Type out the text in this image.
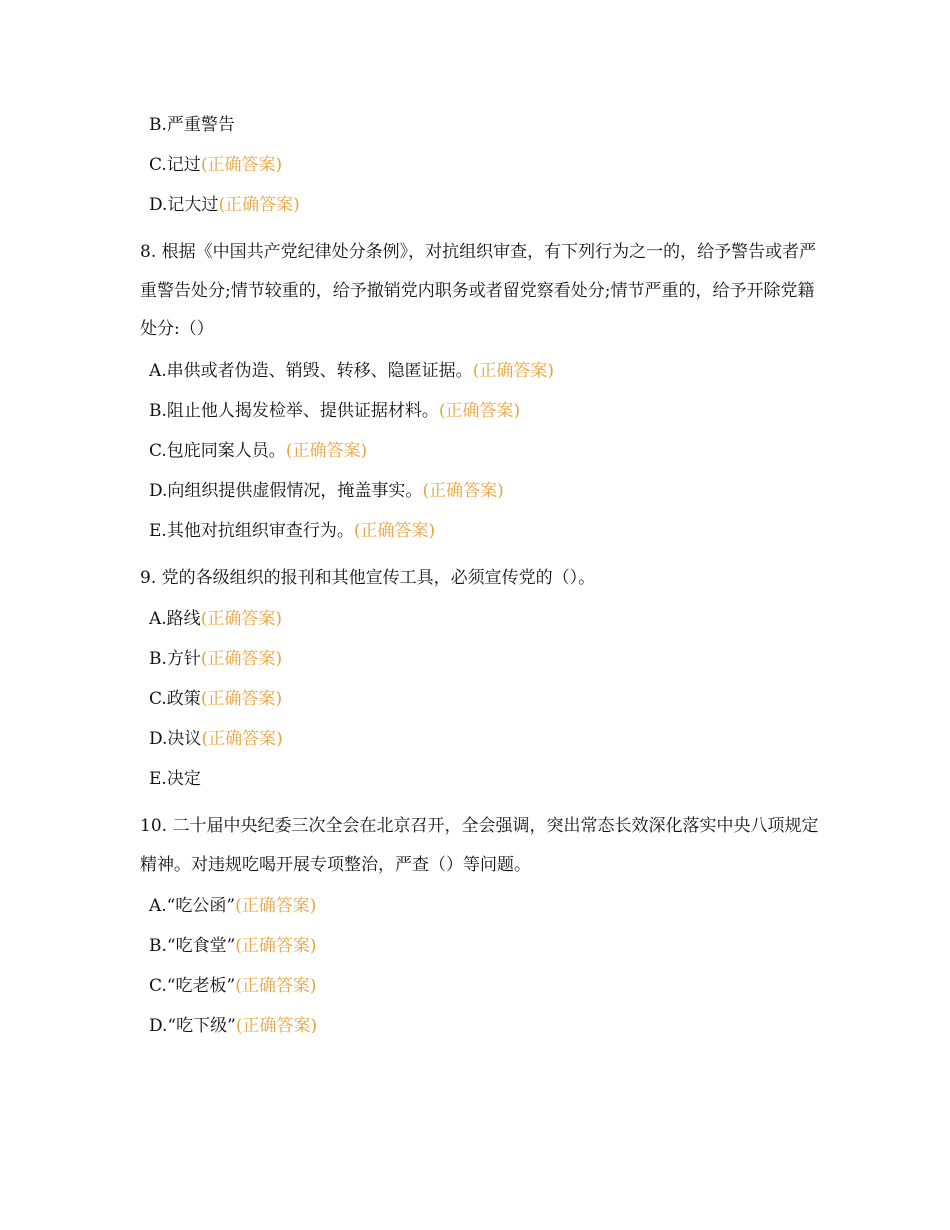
B.严重警告
C.记过(正确答案)
D.记大过(正确答案)
8. 根据《中国共产党纪律处分条例》，对抗组织审查，有下列行为之一的，给予警告或者严重警告处分;情节较重的，给予撤销党内职务或者留党察看处分;情节严重的，给予开除党籍处分:（）
A.串供或者伪造、销毁、转移、隐匿证据。(正确答案)
B.阻止他人揭发检举、提供证据材料。(正确答案)
C.包庇同案人员。(正确答案)
D.向组织提供虚假情况，掩盖事实。(正确答案)
E.其他对抗组织审查行为。(正确答案)
9. 党的各级组织的报刊和其他宣传工具，必须宣传党的（）。
A.路线(正确答案)
B.方针(正确答案)
C.政策(正确答案)
D.决议(正确答案)
E.决定
10. 二十届中央纪委三次全会在北京召开，全会强调，突出常态长效深化落实中央八项规定精神。对违规吃喝开展专项整治，严查（）等问题。
A.“吃公函”(正确答案)
B.“吃食堂”(正确答案)
C.“吃老板”(正确答案)
D.“吃下级”(正确答案)
